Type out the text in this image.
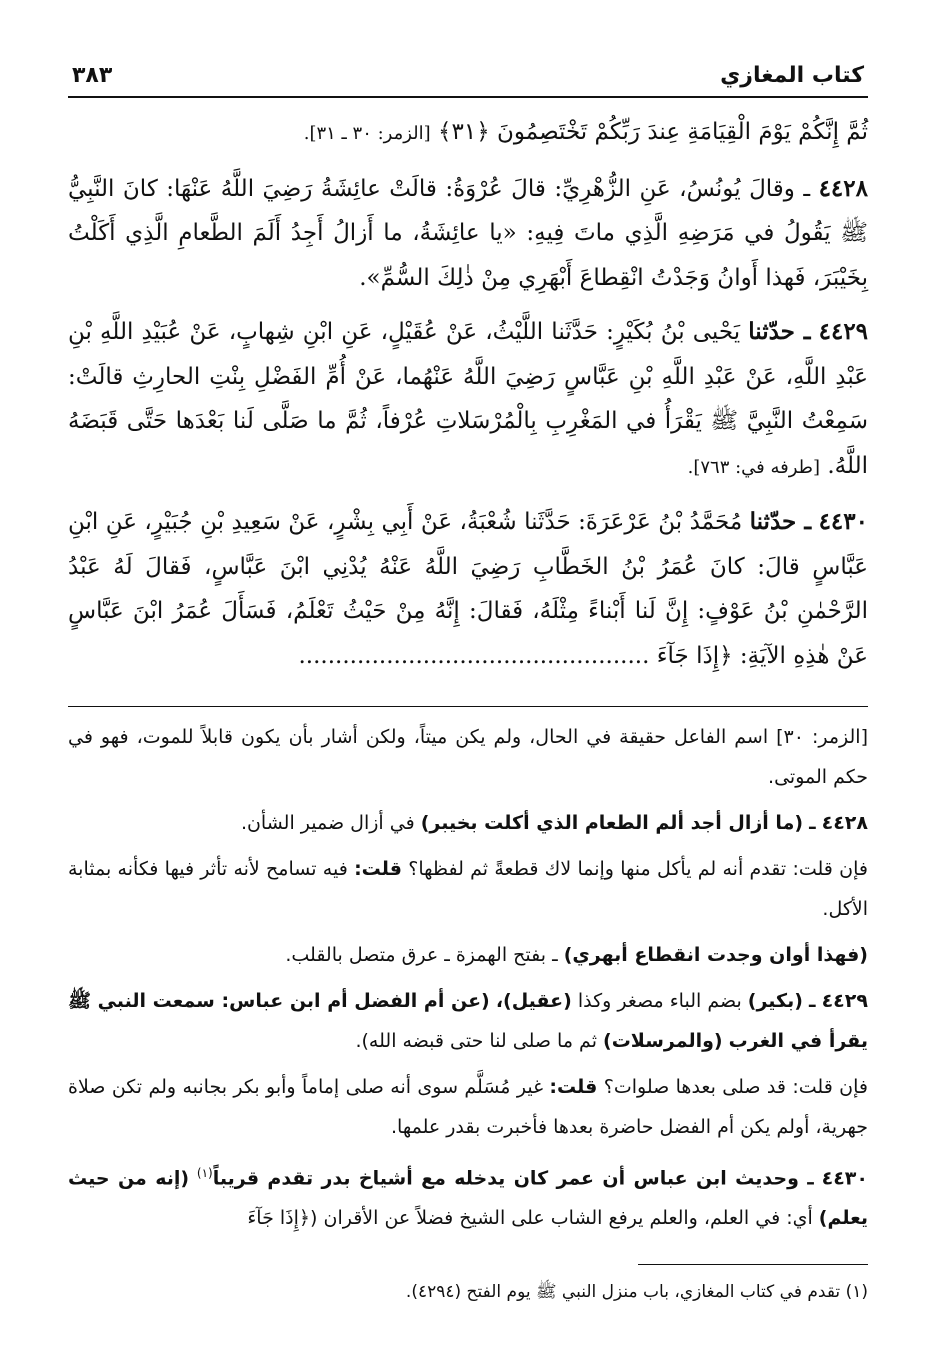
كتاب المغازي
٣٨٣

ثُمَّ إِنَّكُمْ يَوْمَ الْقِيَامَةِ عِندَ رَبِّكُمْ تَخْتَصِمُونَ ﴿٣١﴾ [الزمر: ٣٠ ـ ٣١].

٤٤٢٨ ـ وقالَ يُونُسُ، عَنِ الزُّهْرِيِّ: قالَ عُرْوَةُ: قالَتْ عائِشَةُ رَضِيَ اللَّهُ عَنْهَا: كانَ النَّبِيُّ ﷺ يَقُولُ في مَرَضِهِ الَّذِي ماتَ فِيهِ: «يا عائِشَةُ، ما أَزالُ أَجِدُ أَلَمَ الطَّعامِ الَّذِي أَكَلْتُ بِخَيْبَرَ، فَهذا أَوانُ وَجَدْتُ انْقِطاعَ أَبْهَرِي مِنْ ذٰلِكَ السُّمِّ».

٤٤٢٩ ـ حدّثنا يَحْيى بْنُ بُكَيْرٍ: حَدَّثَنا اللَّيْثُ، عَنْ عُقَيْلٍ، عَنِ ابْنِ شِهابٍ، عَنْ عُبَيْدِ اللَّهِ بْنِ عَبْدِ اللَّهِ، عَنْ عَبْدِ اللَّهِ بْنِ عَبَّاسٍ رَضِيَ اللَّهُ عَنْهُما، عَنْ أُمِّ الفَضْلِ بِنْتِ الحارِثِ قالَتْ: سَمِعْتُ النَّبِيَّ ﷺ يَقْرَأُ في المَغْرِبِ بِالْمُرْسَلاتِ عُرْفاً، ثُمَّ ما صَلَّى لَنا بَعْدَها حَتَّى قَبَضَهُ اللَّهُ. [طرفه في: ٧٦٣].

٤٤٣٠ ـ حدّثنا مُحَمَّدُ بْنُ عَرْعَرَةَ: حَدَّثَنا شُعْبَةُ، عَنْ أَبِي بِشْرٍ، عَنْ سَعِيدِ بْنِ جُبَيْرٍ، عَنِ ابْنِ عَبَّاسٍ قالَ: كانَ عُمَرُ بْنُ الخَطَّابِ رَضِيَ اللَّهُ عَنْهُ يُدْنِي ابْنَ عَبَّاسٍ، فَقالَ لَهُ عَبْدُ الرَّحْمٰنِ بْنُ عَوْفٍ: إِنَّ لَنا أَبْناءً مِثْلَهُ، فَقالَ: إِنَّهُ مِنْ حَيْثُ تَعْلَمُ، فَسَأَلَ عُمَرُ ابْنَ عَبَّاسٍ عَنْ هٰذِهِ الآيَةِ: ﴿إِذَا جَآءَ ................................................

[الزمر: ٣٠] اسم الفاعل حقيقة في الحال، ولم يكن ميتاً، ولكن أشار بأن يكون قابلاً للموت، فهو في حكم الموتى.

٤٤٢٨ ـ (ما أزال أجد ألم الطعام الذي أكلت بخيبر) في أزال ضمير الشأن.

فإن قلت: تقدم أنه لم يأكل منها وإنما لاك قطعةً ثم لفظها؟ قلت: فيه تسامح لأنه تأثر فيها فكأنه بمثابة الأكل.

(فهذا أوان وجدت انقطاع أبهري) ـ بفتح الهمزة ـ عرق متصل بالقلب.

٤٤٢٩ ـ (بكير) بضم الباء مصغر وكذا (عقيل)، (عن أم الفضل أم ابن عباس: سمعت النبي ﷺ يقرأ في الغرب (والمرسلات) ثم ما صلى لنا حتى قبضه الله).

فإن قلت: قد صلى بعدها صلوات؟ قلت: غير مُسَلَّم سوى أنه صلى إماماً وأبو بكر بجانبه ولم تكن صلاة جهرية، أولم يكن أم الفضل حاضرة بعدها فأخبرت بقدر علمها.

٤٤٣٠ ـ وحديث ابن عباس أن عمر كان يدخله مع أشياخ بدر تقدم قريباً$^{(١)}$ (إنه من حيث يعلم) أي: في العلم، والعلم يرفع الشاب على الشيخ فضلاً عن الأقران (﴿إِذَا جَآءَ

(١) تقدم في كتاب المغازي، باب منزل النبي ﷺ يوم الفتح (٤٢٩٤).
